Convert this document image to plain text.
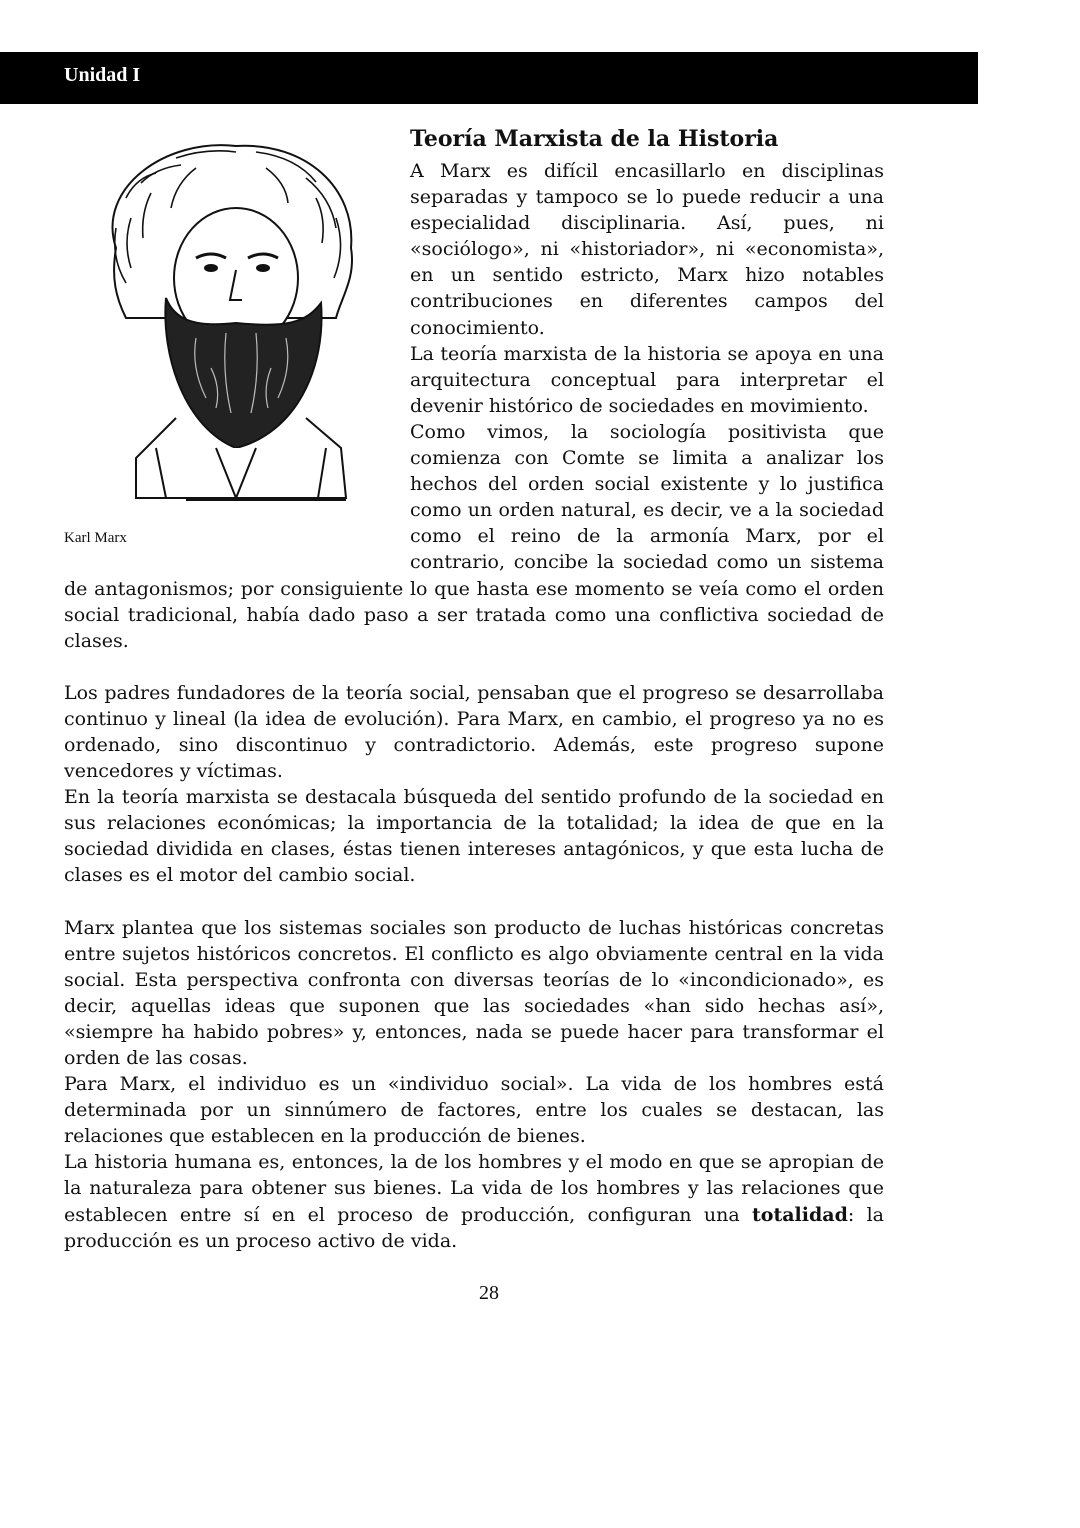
Unidad I
Karl Marx
Teoría Marxista de la Historia

A Marx es difícil encasillarlo en disciplinas separadas y tampoco se lo puede reducir a una especialidad disciplinaria. Así, pues, ni «sociólogo», ni «historiador», ni «economista», en un sentido estricto, Marx hizo notables contribuciones en diferentes campos del conocimiento.

La teoría marxista de la historia se apoya en una arquitectura conceptual para interpretar el devenir histórico de sociedades en movimiento.

Como vimos, la sociología positivista que comienza con Comte se limita a analizar los hechos del orden social existente y lo justifica como un orden natural, es decir, ve a la sociedad como el reino de la armonía Marx, por el contrario, concibe la sociedad como un sistema de antagonismos; por consiguiente lo que hasta ese momento se veía como el orden social tradicional, había dado paso a ser tratada como una conflictiva sociedad de clases.

Los padres fundadores de la teoría social, pensaban que el progreso se desarrollaba continuo y lineal (la idea de evolución). Para Marx, en cambio, el progreso ya no es ordenado, sino discontinuo y contradictorio. Además, este progreso supone vencedores y víctimas.

En la teoría marxista se destacala búsqueda del sentido profundo de la sociedad en sus relaciones económicas; la importancia de la totalidad; la idea de que en la sociedad dividida en clases, éstas tienen intereses antagónicos, y que esta lucha de clases es el motor del cambio social.

Marx plantea que los sistemas sociales son producto de luchas históricas concretas entre sujetos históricos concretos. El conflicto es algo obviamente central en la vida social. Esta perspectiva confronta con diversas teorías de lo «incondicionado», es decir, aquellas ideas que suponen que las sociedades «han sido hechas así», «siempre ha habido pobres» y, entonces, nada se puede hacer para transformar el orden de las cosas.

Para Marx, el individuo es un «individuo social». La vida de los hombres está determinada por un sinnúmero de factores, entre los cuales se destacan, las relaciones que establecen en la producción de bienes.

La historia humana es, entonces, la de los hombres y el modo en que se apropian de la naturaleza para obtener sus bienes. La vida de los hombres y las relaciones que establecen entre sí en el proceso de producción, configuran una totalidad: la producción es un proceso activo de vida.

28
